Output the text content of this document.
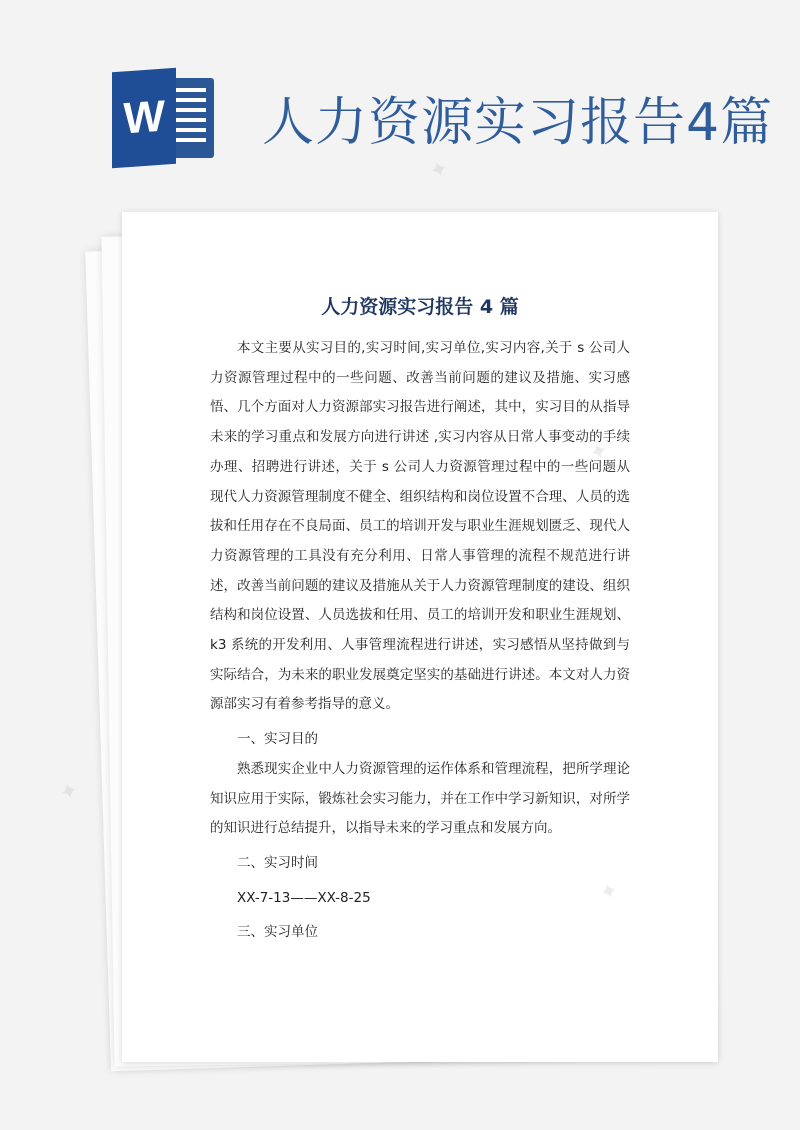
W 人力资源实习报告4篇
人力资源实习报告 4 篇

本文主要从实习目的,实习时间,实习单位,实习内容,关于 s 公司人力资源管理过程中的一些问题、改善当前问题的建议及措施、实习感悟、几个方面对人力资源部实习报告进行阐述，其中，实习目的从指导未来的学习重点和发展方向进行讲述 ,实习内容从日常人事变动的手续办理、招聘进行讲述，关于 s 公司人力资源管理过程中的一些问题从现代人力资源管理制度不健全、组织结构和岗位设置不合理、人员的选拔和任用存在不良局面、员工的培训开发与职业生涯规划匮乏、现代人力资源管理的工具没有充分利用、日常人事管理的流程不规范进行讲述，改善当前问题的建议及措施从关于人力资源管理制度的建设、组织结构和岗位设置、人员选拔和任用、员工的培训开发和职业生涯规划、k3 系统的开发利用、人事管理流程进行讲述，实习感悟从坚持做到与实际结合，为未来的职业发展奠定坚实的基础进行讲述。本文对人力资源部实习有着参考指导的意义。

一、实习目的

熟悉现实企业中人力资源管理的运作体系和管理流程，把所学理论知识应用于实际，锻炼社会实习能力，并在工作中学习新知识，对所学的知识进行总结提升，以指导未来的学习重点和发展方向。

二、实习时间

XX-7-13——XX-8-25

三、实习单位

✦
✦
✦
✦
